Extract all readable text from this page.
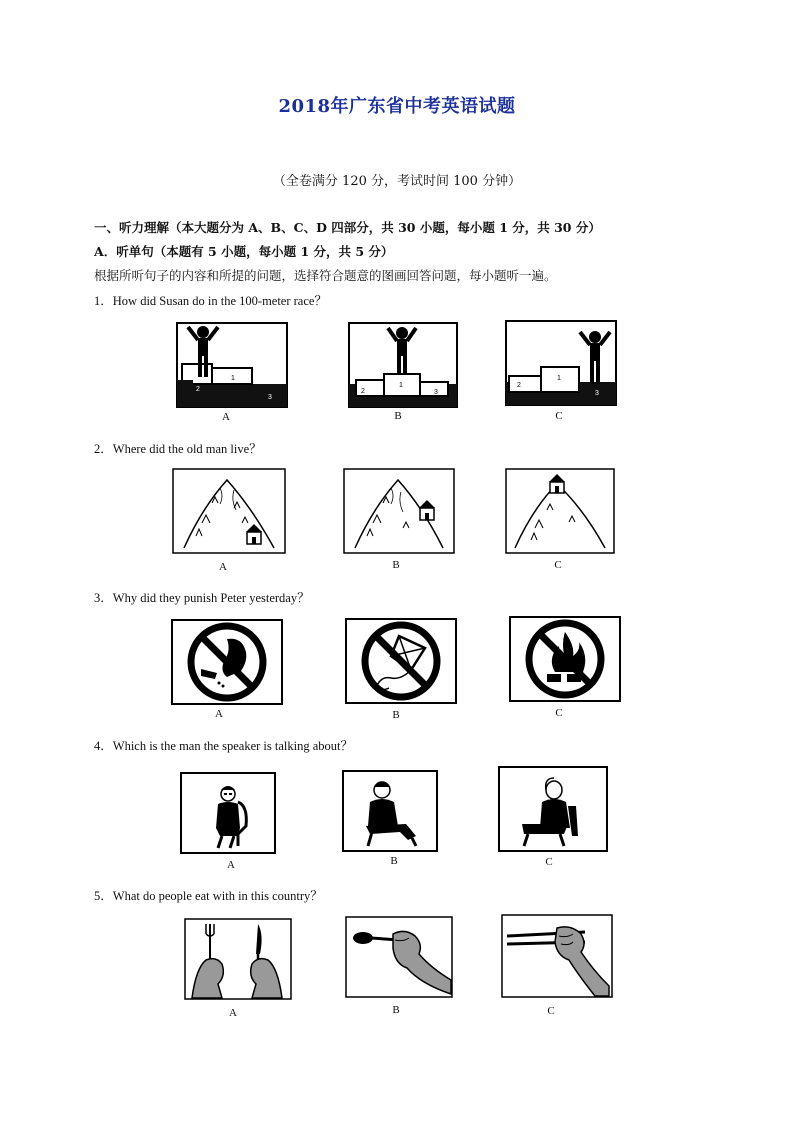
2018年广东省中考英语试题
（全卷满分 120 分，考试时间 100 分钟）
一、听力理解（本大题分为 A、B、C、D 四部分，共 30 小题，每小题 1 分，共 30 分）
A．听单句（本题有 5 小题，每小题 1 分，共 5 分）
根据所听句子的内容和所提的问题，选择符合题意的图画回答问题，每小题听一遍。
1．How did Susan do in the 100-meter race？
2
1
3
2
1
3
2
1
3
A	B	C
2．Where did the old man live？
A	B	C
3．Why did they punish Peter yesterday？
A	B	C
4．Which is the man the speaker is talking about？
A	B	C
5．What do people eat with in this country？
A	B	C
